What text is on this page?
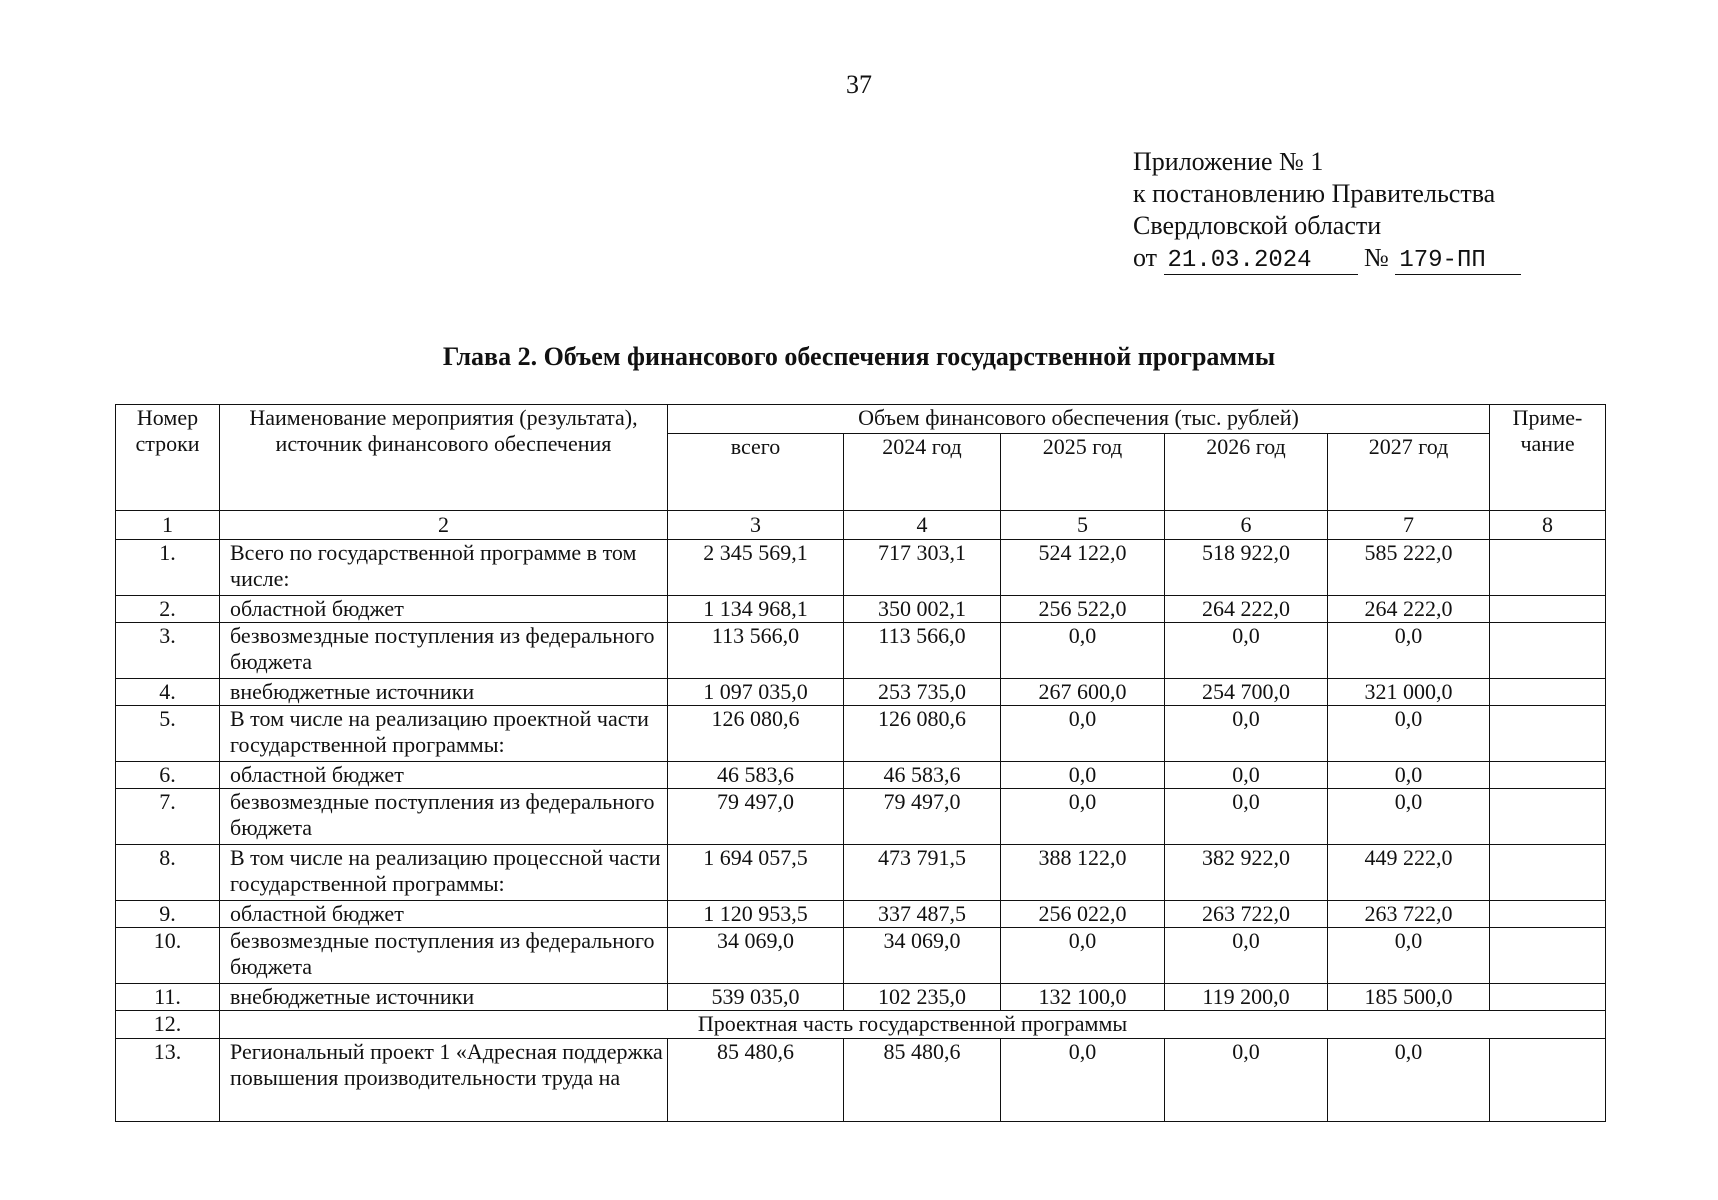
37
Приложение № 1
к постановлению Правительства
Свердловской области
от 21.03.2024 № 179-ПП
Глава 2. Объем финансового обеспечения государственной программы
Номер строки	Наименование мероприятия (результата), источник финансового обеспечения	Объем финансового обеспечения (тыс. рублей)					Приме-чание
		всего	2024 год	2025 год	2026 год	2027 год	
1	2	3	4	5	6	7	8
1.	Всего по государственной программе в том числе:	2 345 569,1	717 303,1	524 122,0	518 922,0	585 222,0	
2.	областной бюджет	1 134 968,1	350 002,1	256 522,0	264 222,0	264 222,0	
3.	безвозмездные поступления из федерального бюджета	113 566,0	113 566,0	0,0	0,0	0,0	
4.	внебюджетные источники	1 097 035,0	253 735,0	267 600,0	254 700,0	321 000,0	
5.	В том числе на реализацию проектной части государственной программы:	126 080,6	126 080,6	0,0	0,0	0,0	
6.	областной бюджет	46 583,6	46 583,6	0,0	0,0	0,0	
7.	безвозмездные поступления из федерального бюджета	79 497,0	79 497,0	0,0	0,0	0,0	
8.	В том числе на реализацию процессной части государственной программы:	1 694 057,5	473 791,5	388 122,0	382 922,0	449 222,0	
9.	областной бюджет	1 120 953,5	337 487,5	256 022,0	263 722,0	263 722,0	
10.	безвозмездные поступления из федерального бюджета	34 069,0	34 069,0	0,0	0,0	0,0	
11.	внебюджетные источники	539 035,0	102 235,0	132 100,0	119 200,0	185 500,0	
12.	Проектная часть государственной программы						
13.	Региональный проект 1 «Адресная поддержка повышения производительности труда на	85 480,6	85 480,6	0,0	0,0	0,0	
